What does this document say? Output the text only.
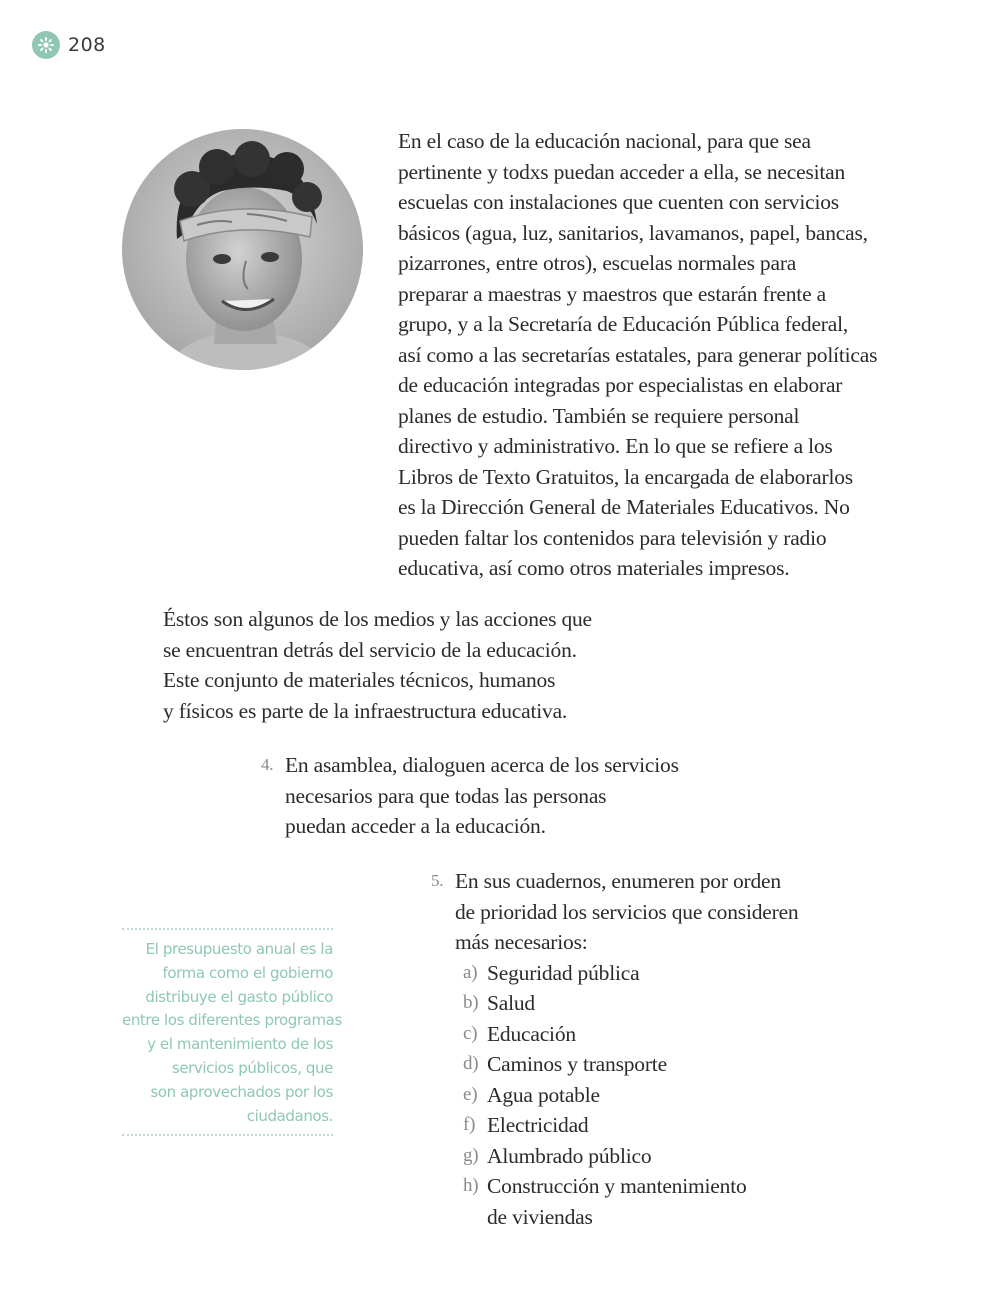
208

En el caso de la educación nacional, para que sea
pertinente y todxs puedan acceder a ella, se necesitan
escuelas con instalaciones que cuenten con servicios
básicos (agua, luz, sanitarios, lavamanos, papel, bancas,
pizarrones, entre otros), escuelas normales para
preparar a maestras y maestros que estarán frente a
grupo, y a la Secretaría de Educación Pública federal,
así como a las secretarías estatales, para generar políticas
de educación integradas por especialistas en elaborar
planes de estudio. También se requiere personal
directivo y administrativo. En lo que se refiere a los
Libros de Texto Gratuitos, la encargada de elaborarlos
es la Dirección General de Materiales Educativos. No
pueden faltar los contenidos para televisión y radio
educativa, así como otros materiales impresos.

Éstos son algunos de los medios y las acciones que
se encuentran detrás del servicio de la educación.
Este conjunto de materiales técnicos, humanos
y físicos es parte de la infraestructura educativa.

4. En asamblea, dialoguen acerca de los servicios
necesarios para que todas las personas
puedan acceder a la educación.
5. En sus cuadernos, enumeren por orden
de prioridad los servicios que consideren
más necesarios:
a) Seguridad pública
b) Salud
c) Educación
d) Caminos y transporte
e) Agua potable
f) Electricidad
g) Alumbrado público
h) Construcción y mantenimiento
de viviendas

El presupuesto anual es la
forma como el gobierno
distribuye el gasto público
entre los diferentes programas
y el mantenimiento de los
servicios públicos, que
son aprovechados por los
ciudadanos.
